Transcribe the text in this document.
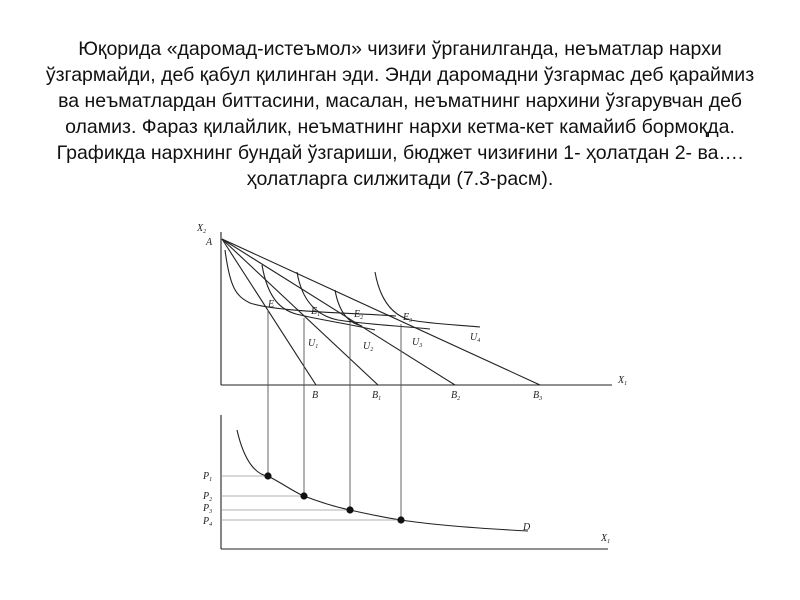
Юқорида «даромад-истеъмол» чизиғи ўрганилганда, неъматлар нархи
ўзгармайди, деб қабул қилинган эди. Энди даромадни ўзгармас деб қараймиз
ва неъматлардан биттасини, масалан, неъматнинг нархини ўзгарувчан деб
оламиз. Фараз қилайлик, неъматнинг нархи кетма-кет камайиб бормоқда.
Графикда нархнинг бундай ўзгариши, бюджет чизиғини 1- ҳолатдан 2- ва….
ҳолатларга силжитади (7.3-расм).
$X_2$
A
$X_1$
E
$E_1$	$E_2$	$E_3$
$U_1$	$U_2$
$U_3$
$U_4$
B	$B_1$	$B_2$	$B_3$
$P_1$
$P_2$
$P_3$
$P_4$	D
$X_1$
